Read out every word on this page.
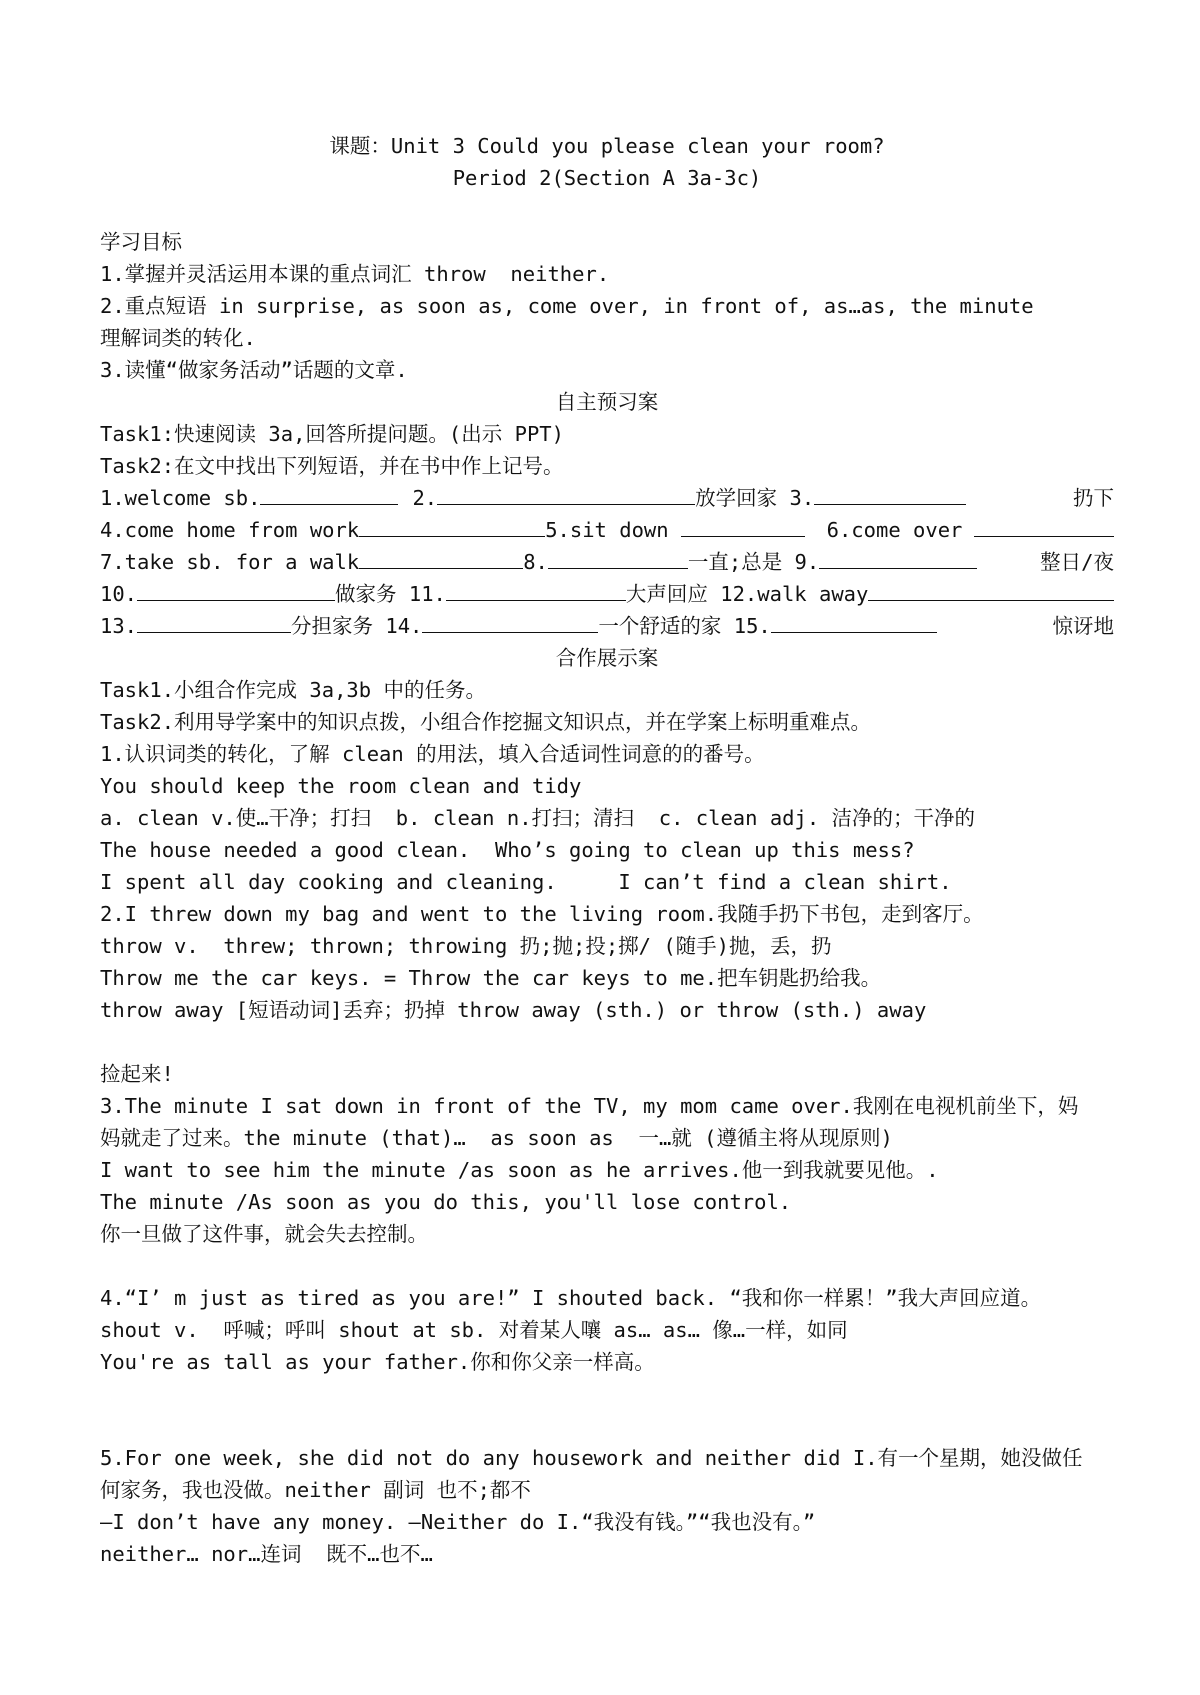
课题：Unit 3 Could you please clean your room?
Period 2(Section A 3a-3c)

学习目标
1.掌握并灵活运用本课的重点词汇 throw  neither.
2.重点短语 in surprise, as soon as, come over, in front of, as…as, the minute
理解词类的转化.
3.读懂“做家务活动”话题的文章.
自主预习案
Task1:快速阅读 3a,回答所提问题。(出示 PPT)
Task2:在文中找出下列短语，并在书中作上记号。
1.welcome sb.	2.	放学回家 3.	扔下
4.come home from work	5.sit down	6.come over
7.take sb. for a walk	8.	一直;总是 9.	整日/夜
10.	做家务 11.	大声回应 12.walk away
13.	分担家务 14.	一个舒适的家 15.	惊讶地
合作展示案
Task1.小组合作完成 3a,3b 中的任务。
Task2.利用导学案中的知识点拨，小组合作挖掘文知识点，并在学案上标明重难点。
1.认识词类的转化，了解 clean 的用法，填入合适词性词意的的番号。
You should keep the room clean and tidy
a. clean v.使…干净；打扫  b. clean n.打扫；清扫  c. clean adj. 洁净的；干净的
The house needed a good clean.  Who’s going to clean up this mess?
I spent all day cooking and cleaning.     I can’t find a clean shirt.
2.I threw down my bag and went to the living room.我随手扔下书包，走到客厅。
throw v.  threw; thrown; throwing 扔;抛;投;掷/ (随手)抛，丢，扔
Throw me the car keys. = Throw the car keys to me.把车钥匙扔给我。
throw away [短语动词]丢弃；扔掉 throw away (sth.) or throw (sth.) away

捡起来!
3.The minute I sat down in front of the TV, my mom came over.我刚在电视机前坐下，妈
妈就走了过来。the minute (that)…  as soon as  一…就 (遵循主将从现原则)
I want to see him the minute /as soon as he arrives.他一到我就要见他。.
The minute /As soon as you do this, you'll lose control.
你一旦做了这件事，就会失去控制。

4.“I’ m just as tired as you are!” I shouted back. “我和你一样累！”我大声回应道。
shout v.  呼喊；呼叫 shout at sb. 对着某人嚷 as… as… 像…一样，如同
You're as tall as your father.你和你父亲一样高。

5.For one week, she did not do any housework and neither did I.有一个星期，她没做任
何家务，我也没做。neither 副词 也不;都不
—I don’t have any money. —Neither do I.“我没有钱。”“我也没有。”
neither… nor…连词  既不…也不…
